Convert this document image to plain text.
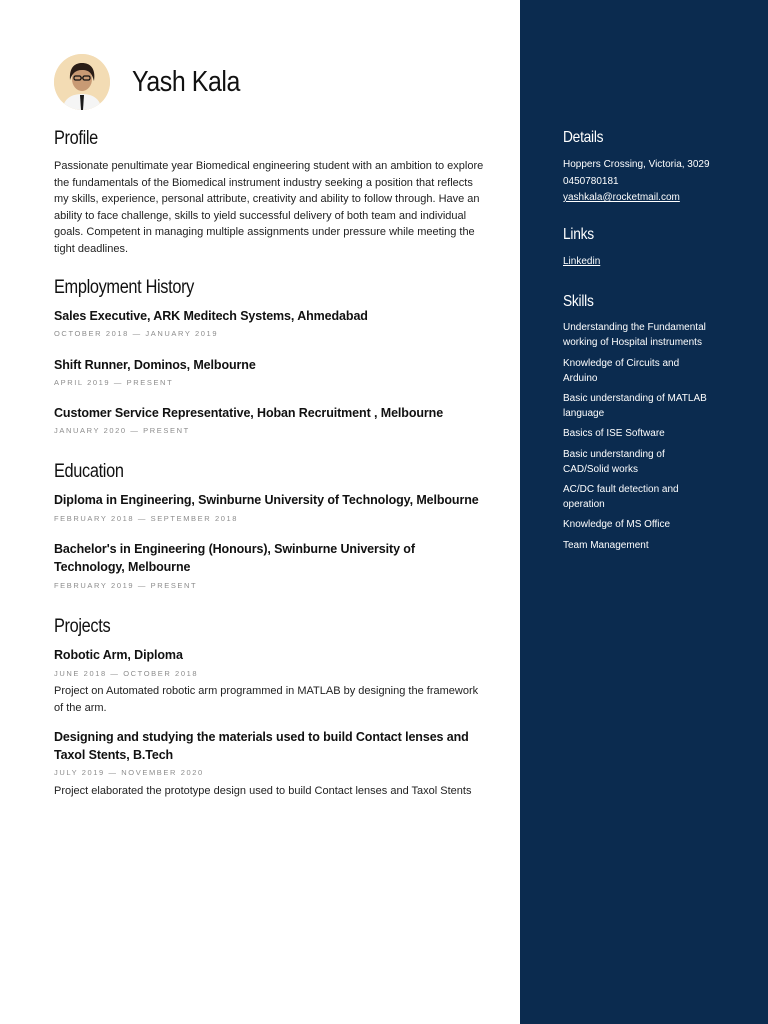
Yash Kala
Profile
Passionate penultimate year Biomedical engineering student with an ambition to explore the fundamentals of the Biomedical instrument industry seeking a position that reflects my skills, experience, personal attribute, creativity and ability to follow through. Have an ability to face challenge, skills to yield successful delivery of both team and individual goals. Competent in managing multiple assignments under pressure while meeting the tight deadlines.
Employment History
Sales Executive, ARK Meditech Systems, Ahmedabad
OCTOBER 2018 — JANUARY 2019
Shift Runner, Dominos, Melbourne
APRIL 2019 — PRESENT
Customer Service Representative, Hoban Recruitment , Melbourne
JANUARY 2020 — PRESENT
Education
Diploma in Engineering, Swinburne University of Technology, Melbourne
FEBRUARY 2018 — SEPTEMBER 2018
Bachelor's in Engineering (Honours), Swinburne University of Technology, Melbourne
FEBRUARY 2019 — PRESENT
Projects
Robotic Arm, Diploma
JUNE 2018 — OCTOBER 2018
Project on Automated robotic arm programmed in MATLAB by designing the framework of the arm.
Designing and studying the materials used to build Contact lenses and Taxol Stents, B.Tech
JULY 2019 — NOVEMBER 2020
Project elaborated the prototype design used to build Contact lenses and Taxol Stents
Details
Hoppers Crossing, Victoria, 3029
0450780181
yashkala@rocketmail.com
Links
Linkedin
Skills
Understanding the Fundamental working of Hospital instruments
Knowledge of Circuits and Arduino
Basic understanding of MATLAB language
Basics of ISE Software
Basic understanding of CAD/Solid works
AC/DC fault detection and operation
Knowledge of MS Office
Team Management
